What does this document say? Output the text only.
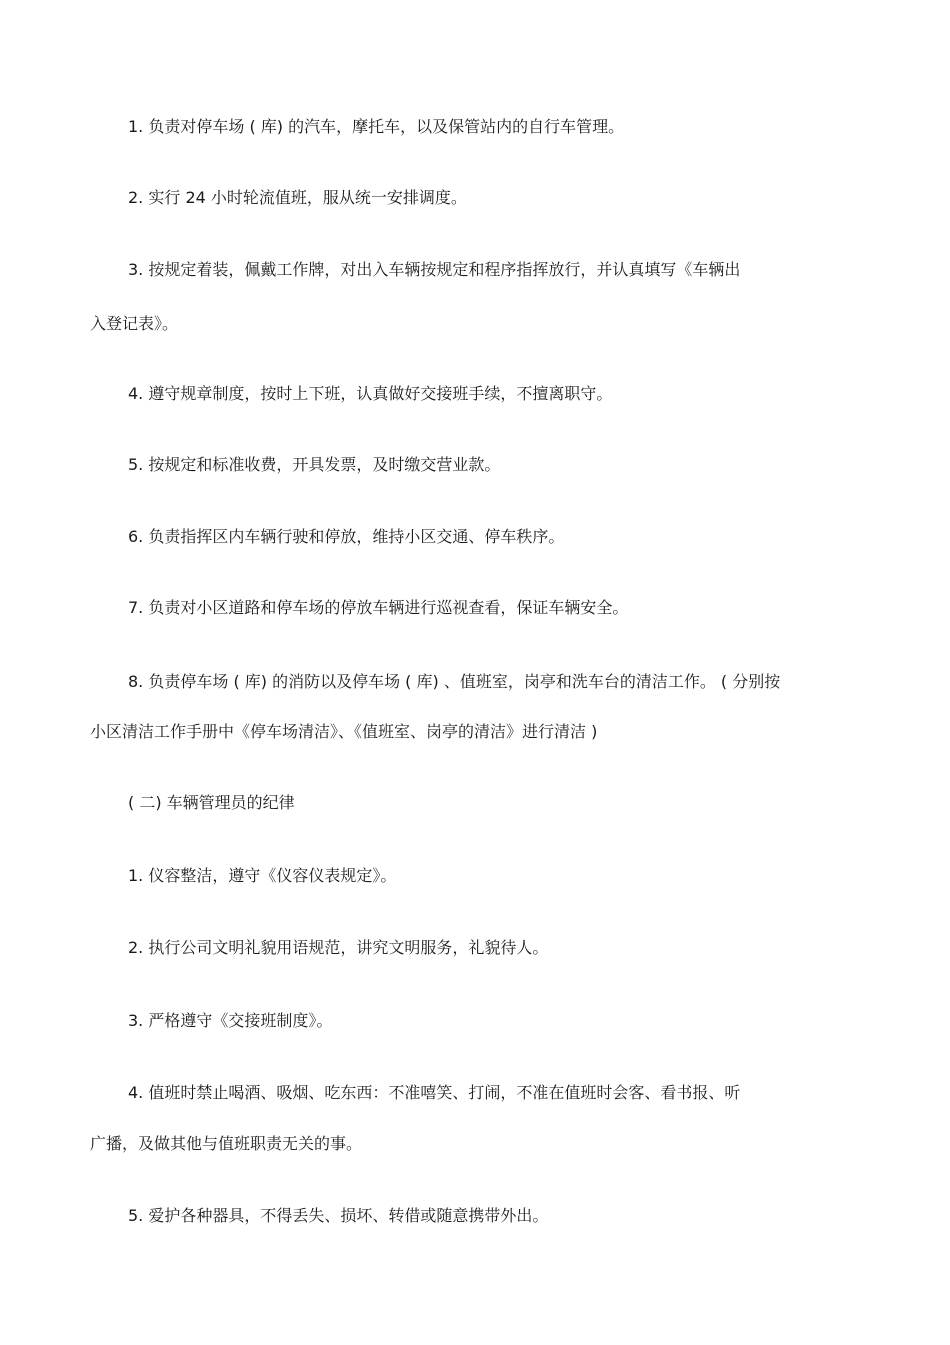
1. 负责对停车场 ( 库) 的汽车，摩托车，以及保管站内的自行车管理。
2. 实行 24 小时轮流值班，服从统一安排调度。
3. 按规定着装，佩戴工作牌，对出入车辆按规定和程序指挥放行，并认真填写《车辆出
入登记表》。
4. 遵守规章制度，按时上下班，认真做好交接班手续，不擅离职守。
5. 按规定和标准收费，开具发票，及时缴交营业款。
6. 负责指挥区内车辆行驶和停放，维持小区交通、停车秩序。
7. 负责对小区道路和停车场的停放车辆进行巡视查看，保证车辆安全。
8. 负责停车场 ( 库) 的消防以及停车场 ( 库) 、值班室，岗亭和洗车台的清洁工作。 ( 分别按
小区清洁工作手册中《停车场清洁》、《值班室、岗亭的清洁》进行清洁 )
( 二) 车辆管理员的纪律
1. 仪容整洁，遵守《仪容仪表规定》。
2. 执行公司文明礼貌用语规范，讲究文明服务，礼貌待人。
3. 严格遵守《交接班制度》。
4. 值班时禁止喝酒、吸烟、吃东西：不准嘻笑、打闹，不准在值班时会客、看书报、听
广播，及做其他与值班职责无关的事。
5. 爱护各种器具，不得丢失、损坏、转借或随意携带外出。
